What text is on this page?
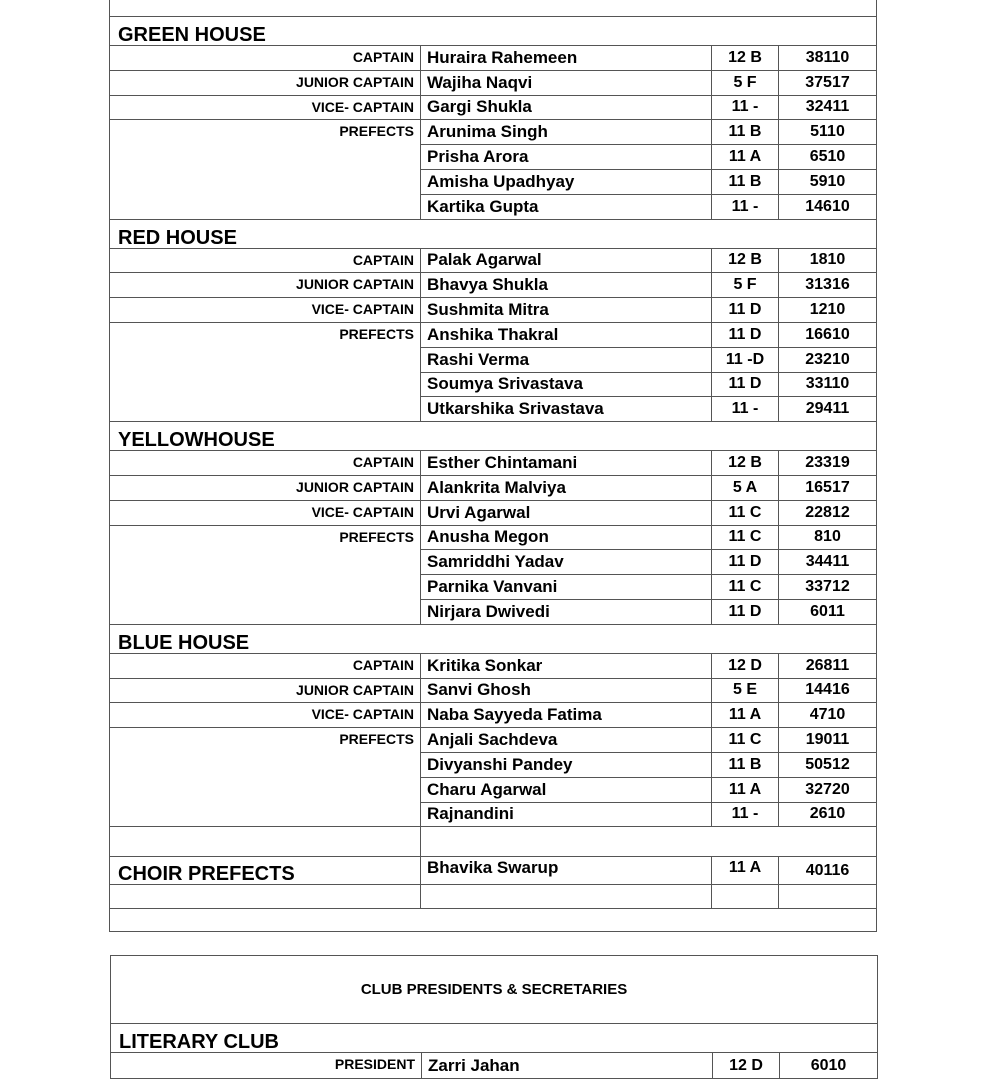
GREEN HOUSE			
CAPTAIN	Huraira Rahemeen	12 B	38110
JUNIOR CAPTAIN	Wajiha Naqvi	5 F	37517
VICE- CAPTAIN	Gargi Shukla	11 -	32411
PREFECTS	Arunima Singh	11 B	5110
	Prisha Arora	11 A	6510
	Amisha Upadhyay	11 B	5910
	Kartika Gupta	11 -	14610
RED HOUSE			
CAPTAIN	Palak Agarwal	12 B	1810
JUNIOR CAPTAIN	Bhavya Shukla	5 F	31316
VICE- CAPTAIN	Sushmita Mitra	11 D	1210
PREFECTS	Anshika Thakral	11 D	16610
	Rashi Verma	11 -D	23210
	Soumya Srivastava	11 D	33110
	Utkarshika Srivastava	11 -	29411
YELLOWHOUSE			
CAPTAIN	Esther Chintamani	12 B	23319
JUNIOR CAPTAIN	Alankrita Malviya	5 A	16517
VICE- CAPTAIN	Urvi Agarwal	11 C	22812
PREFECTS	Anusha Megon	11 C	810
	Samriddhi Yadav	11 D	34411
	Parnika Vanvani	11 C	33712
	Nirjara Dwivedi	11 D	6011
BLUE HOUSE			
CAPTAIN	Kritika Sonkar	12 D	26811
JUNIOR CAPTAIN	Sanvi Ghosh	5 E	14416
VICE- CAPTAIN	Naba Sayyeda Fatima	11 A	4710
PREFECTS	Anjali Sachdeva	11 C	19011
	Divyanshi Pandey	11 B	50512
	Charu Agarwal	11 A	32720
	Rajnandini	11 -	2610

CHOIR PREFECTS	Bhavika Swarup	11 A	40116

CLUB PRESIDENTS & SECRETARIES
LITERARY CLUB
PRESIDENT	Zarri Jahan	12 D	6010
